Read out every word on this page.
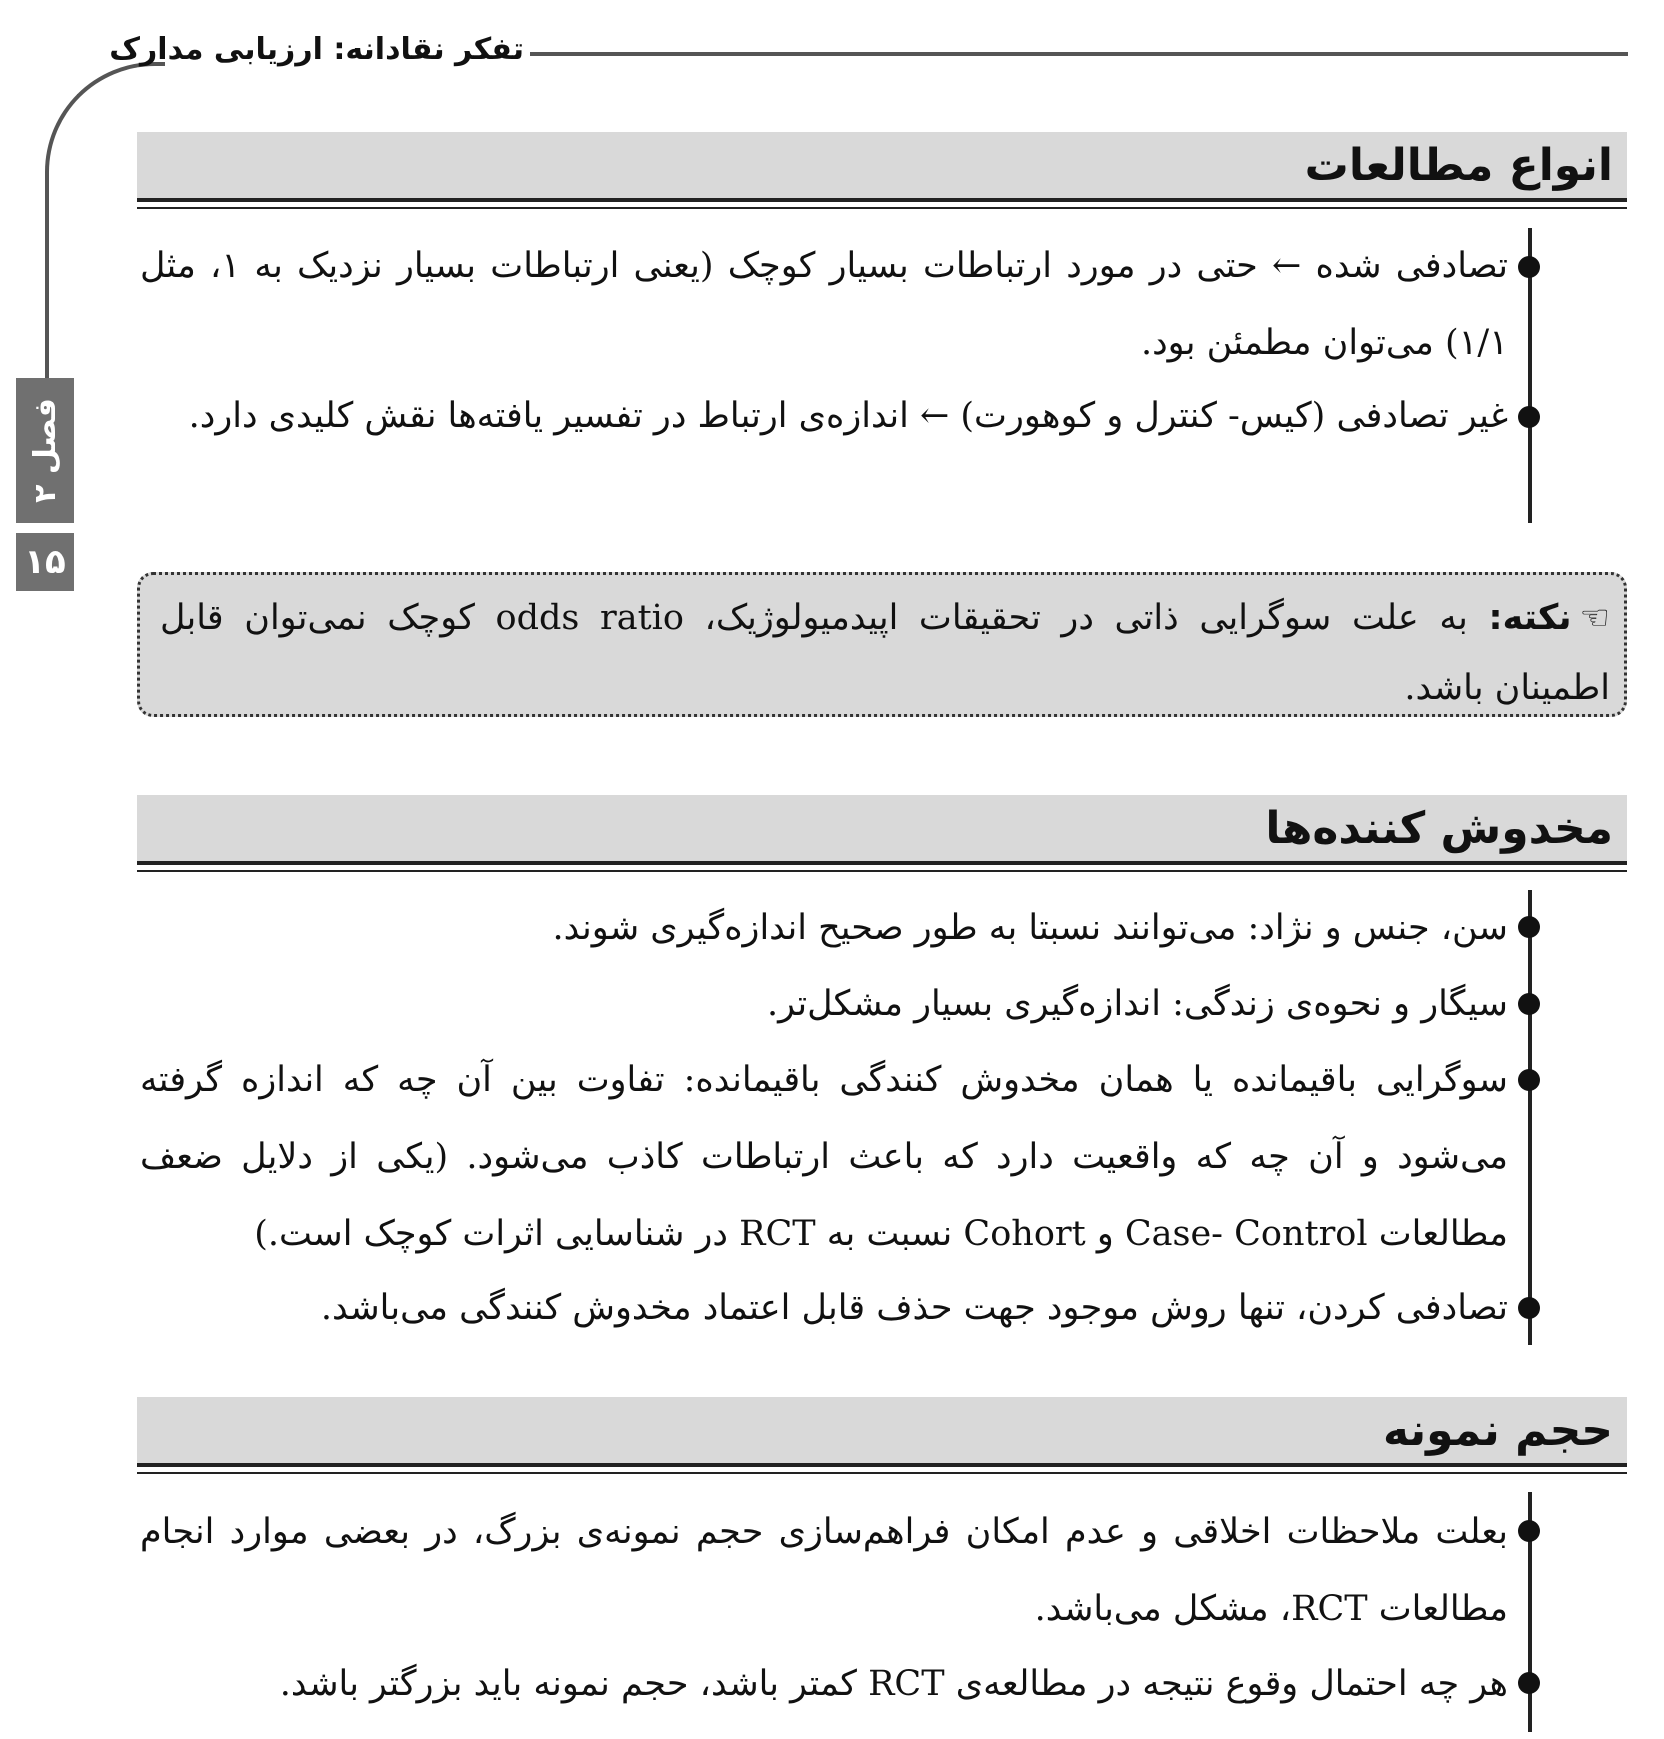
تفکر نقادانه: ارزیابی مدارک
فصل ۲
۱۵
انواع مطالعات
تصادفی شده ← حتی در مورد ارتباطات بسیار کوچک (یعنی ارتباطات بسیار نزدیک به ۱، مثل ۱/۱) می‌توان مطمئن بود.
غیر تصادفی (کیس- کنترل و کوهورت) ← اندازه‌ی ارتباط در تفسیر یافته‌ها نقش کلیدی دارد.
☜نکته: به علت سوگرایی ذاتی در تحقیقات اپیدمیولوژیک، odds ratio کوچک نمی‌توان قابل اطمینان باشد.
مخدوش کننده‌ها
سن، جنس و نژاد: می‌توانند نسبتا به طور صحیح اندازه‌گیری شوند.
سیگار و نحوه‌ی زندگی: اندازه‌گیری بسیار مشکل‌تر.
سوگرایی باقیمانده یا همان مخدوش کنندگی باقیمانده: تفاوت بین آن چه که اندازه گرفته می‌شود و آن چه که واقعیت دارد که باعث ارتباطات کاذب می‌شود. (یکی از دلایل ضعف مطالعات Case- Control و Cohort نسبت به RCT در شناسایی اثرات کوچک است.)
تصادفی کردن، تنها روش موجود جهت حذف قابل اعتماد مخدوش کنندگی می‌باشد.
حجم نمونه
بعلت ملاحظات اخلاقی و عدم امکان فراهم‌سازی حجم نمونه‌ی بزرگ، در بعضی موارد انجام مطالعات RCT، مشکل می‌باشد.
هر چه احتمال وقوع نتیجه در مطالعه‌ی RCT کمتر باشد، حجم نمونه باید بزرگتر باشد.
